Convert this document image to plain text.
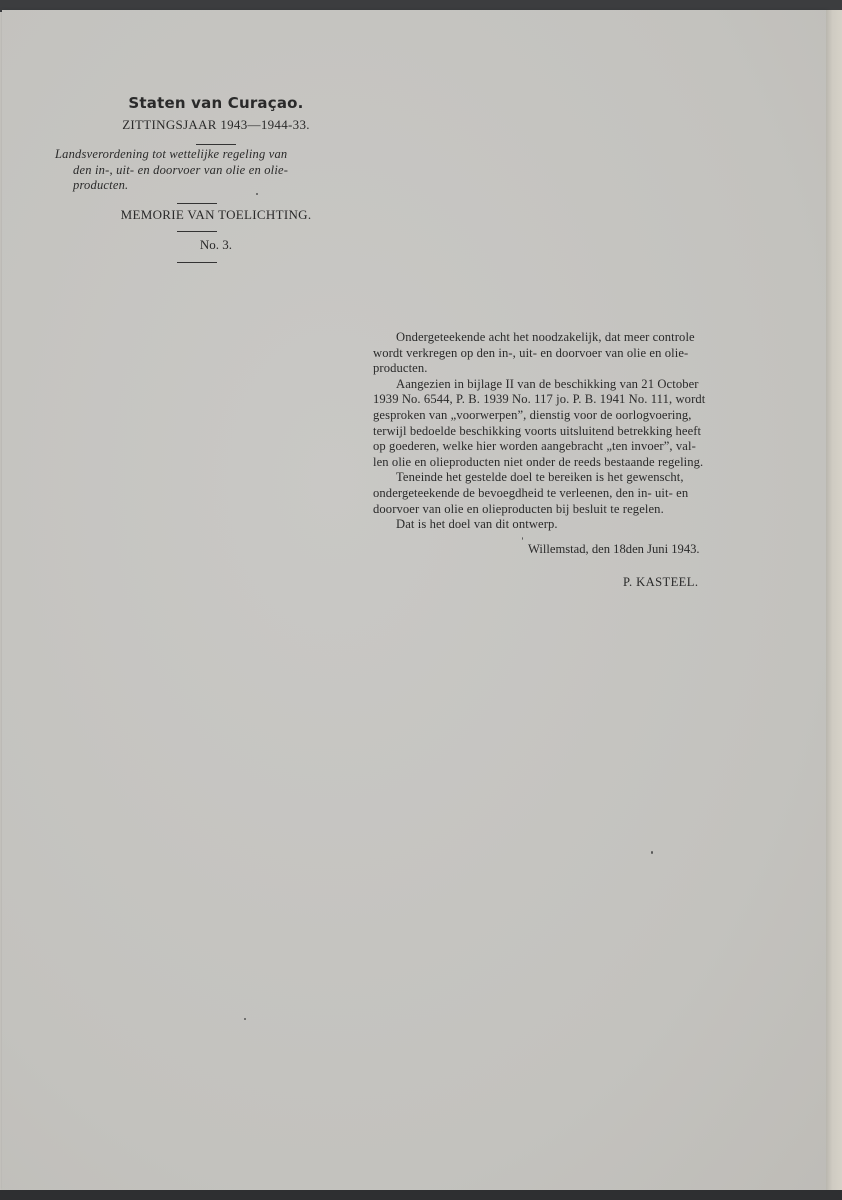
Staten van Curaçao.

ZITTINGSJAAR 1943—1944-33.

Landsverordening tot wettelijke regeling van
den in-, uit- en doorvoer van olie en olie-
producten.
MEMORIE VAN TOELICHTING.
No. 3.

Ondergeteekende acht het noodzakelijk, dat meer controle
wordt verkregen op den in-, uit- en doorvoer van olie en olie-
producten.

Aangezien in bijlage II van de beschikking van 21 October
1939 No. 6544, P. B. 1939 No. 117 jo. P. B. 1941 No. 111, wordt
gesproken van „voorwerpen”, dienstig voor de oorlogvoering,
terwijl bedoelde beschikking voorts uitsluitend betrekking heeft
op goederen, welke hier worden aangebracht „ten invoer”, val-
len olie en olieproducten niet onder de reeds bestaande regeling.

Teneinde het gestelde doel te bereiken is het gewenscht,
ondergeteekende de bevoegdheid te verleenen, den in- uit- en
doorvoer van olie en olieproducten bij besluit te regelen.

Dat is het doel van dit ontwerp.

Willemstad, den 18den Juni 1943.
P. KASTEEL.
